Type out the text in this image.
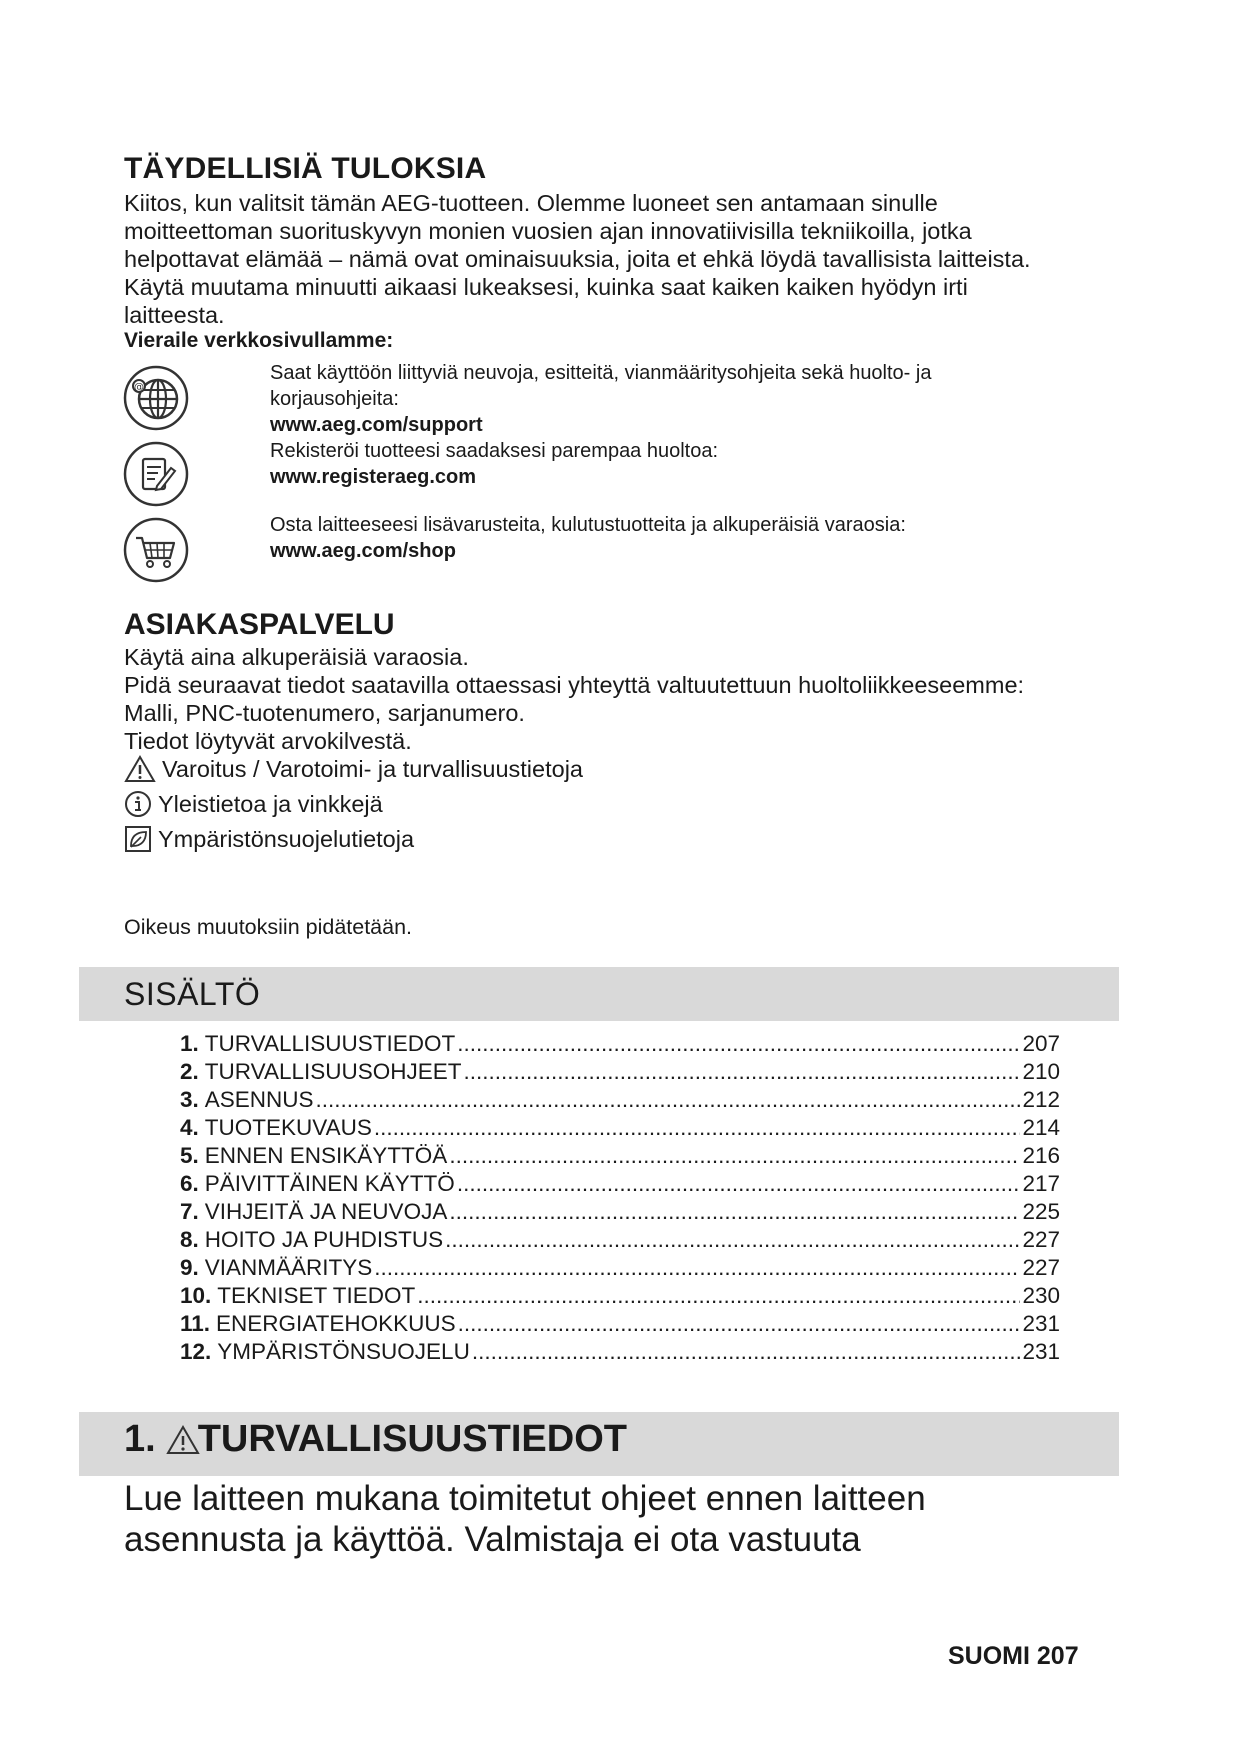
TÄYDELLISIÄ TULOKSIA
Kiitos, kun valitsit tämän AEG-tuotteen. Olemme luoneet sen antamaan sinulle
moitteettoman suorituskyvyn monien vuosien ajan innovatiivisilla tekniikoilla, jotka
helpottavat elämää – nämä ovat ominaisuuksia, joita et ehkä löydä tavallisista laitteista.
Käytä muutama minuutti aikaasi lukeaksesi, kuinka saat kaiken kaiken hyödyn irti
laitteesta.
Vieraile verkkosivullamme:
@
Saat käyttöön liittyviä neuvoja, esitteitä, vianmääritysohjeita sekä huolto- ja
korjausohjeita:
www.aeg.com/support
Rekisteröi tuotteesi saadaksesi parempaa huoltoa:
www.registeraeg.com
Osta laitteeseesi lisävarusteita, kulutustuotteita ja alkuperäisiä varaosia:
www.aeg.com/shop
ASIAKASPALVELU
Käytä aina alkuperäisiä varaosia.
Pidä seuraavat tiedot saatavilla ottaessasi yhteyttä valtuutettuun huoltoliikkeeseemme:
Malli, PNC-tuotenumero, sarjanumero.
Tiedot löytyvät arvokilvestä.
Varoitus / Varotoimi- ja turvallisuustietoja
Yleistietoa ja vinkkejä
Ympäristönsuojelutietoja
Oikeus muutoksiin pidätetään.
SISÄLTÖ
1. TURVALLISUUSTIEDOT .....	207
2. TURVALLISUUSOHJEET .....	210
3. ASENNUS .....	212
4. TUOTEKUVAUS .....	214
5. ENNEN ENSIKÄYTTÖÄ .....	216
6. PÄIVITTÄINEN KÄYTTÖ .....	217
7. VIHJEITÄ JA NEUVOJA .....	225
8. HOITO JA PUHDISTUS .....	227
9. VIANMÄÄRITYS .....	227
10. TEKNISET TIEDOT .....	230
11. ENERGIATEHOKKUUS .....	231
12. YMPÄRISTÖNSUOJELU .....	231
1. TURVALLISUUSTIEDOT
Lue laitteen mukana toimitetut ohjeet ennen laitteen
asennusta ja käyttöä. Valmistaja ei ota vastuuta
SUOMI 207
